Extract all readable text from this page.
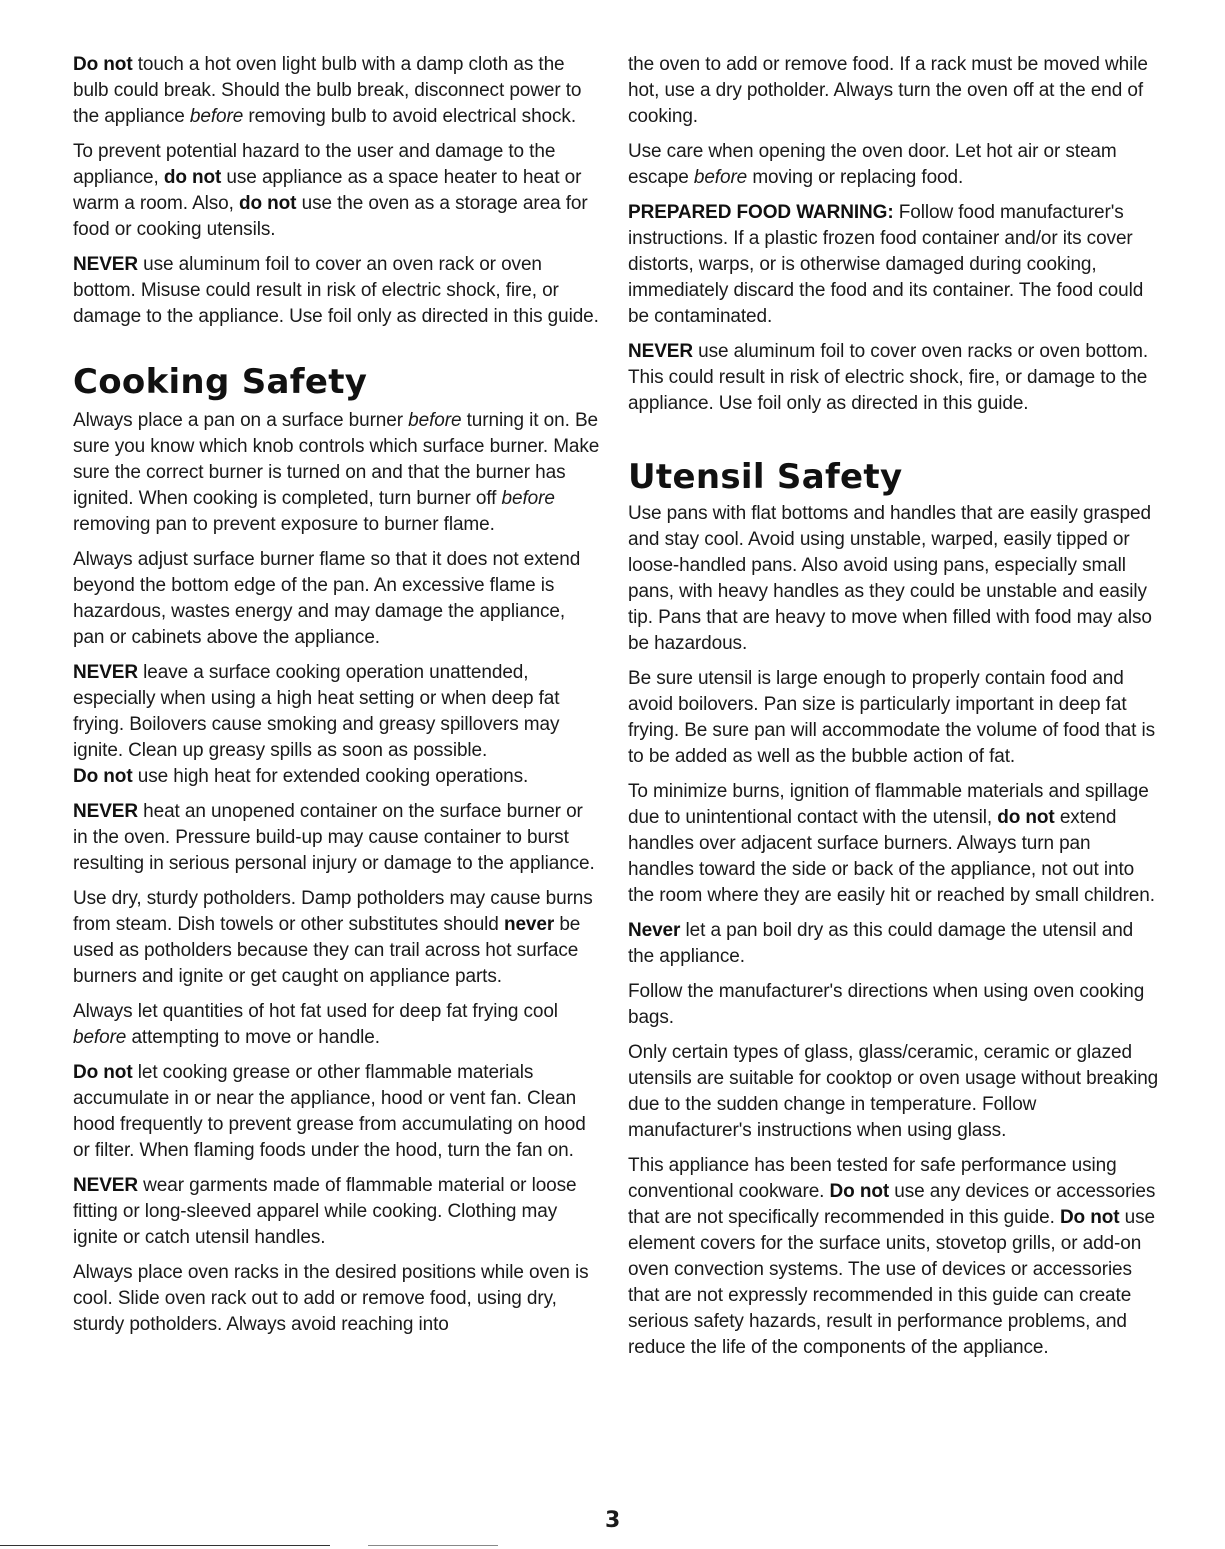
Do not touch a hot oven light bulb with a damp cloth as the bulb could break. Should the bulb break, disconnect power to the appliance before removing bulb to avoid electrical shock.

To prevent potential hazard to the user and damage to the appliance, do not use appliance as a space heater to heat or warm a room. Also, do not use the oven as a storage area for food or cooking utensils.

NEVER use aluminum foil to cover an oven rack or oven bottom. Misuse could result in risk of electric shock, fire, or damage to the appliance. Use foil only as directed in this guide.

Cooking Safety

Always place a pan on a surface burner before turning it on. Be sure you know which knob controls which surface burner. Make sure the correct burner is turned on and that the burner has ignited. When cooking is completed, turn burner off before removing pan to prevent exposure to burner flame.

Always adjust surface burner flame so that it does not extend beyond the bottom edge of the pan. An excessive flame is hazardous, wastes energy and may damage the appliance, pan or cabinets above the appliance.

NEVER leave a surface cooking operation unattended, especially when using a high heat setting or when deep fat frying. Boilovers cause smoking and greasy spillovers may ignite. Clean up greasy spills as soon as possible.

Do not use high heat for extended cooking operations.

NEVER heat an unopened container on the surface burner or in the oven. Pressure build-up may cause container to burst resulting in serious personal injury or damage to the appliance.

Use dry, sturdy potholders. Damp potholders may cause burns from steam. Dish towels or other substitutes should never be used as potholders because they can trail across hot surface burners and ignite or get caught on appliance parts.

Always let quantities of hot fat used for deep fat frying cool before attempting to move or handle.

Do not let cooking grease or other flammable materials accumulate in or near the appliance, hood or vent fan. Clean hood frequently to prevent grease from accumulating on hood or filter. When flaming foods under the hood, turn the fan on.

NEVER wear garments made of flammable material or loose fitting or long-sleeved apparel while cooking. Clothing may ignite or catch utensil handles.

Always place oven racks in the desired positions while oven is cool. Slide oven rack out to add or remove food, using dry, sturdy potholders. Always avoid reaching into

the oven to add or remove food. If a rack must be moved while hot, use a dry potholder. Always turn the oven off at the end of cooking.

Use care when opening the oven door. Let hot air or steam escape before moving or replacing food.

PREPARED FOOD WARNING: Follow food manufacturer's instructions. If a plastic frozen food container and/or its cover distorts, warps, or is otherwise damaged during cooking, immediately discard the food and its container. The food could be contaminated.

NEVER use aluminum foil to cover oven racks or oven bottom. This could result in risk of electric shock, fire, or damage to the appliance. Use foil only as directed in this guide.

Utensil Safety

Use pans with flat bottoms and handles that are easily grasped and stay cool. Avoid using unstable, warped, easily tipped or loose-handled pans. Also avoid using pans, especially small pans, with heavy handles as they could be unstable and easily tip. Pans that are heavy to move when filled with food may also be hazardous.

Be sure utensil is large enough to properly contain food and avoid boilovers. Pan size is particularly important in deep fat frying. Be sure pan will accommodate the volume of food that is to be added as well as the bubble action of fat.

To minimize burns, ignition of flammable materials and spillage due to unintentional contact with the utensil, do not extend handles over adjacent surface burners. Always turn pan handles toward the side or back of the appliance, not out into the room where they are easily hit or reached by small children.

Never let a pan boil dry as this could damage the utensil and the appliance.

Follow the manufacturer's directions when using oven cooking bags.

Only certain types of glass, glass/ceramic, ceramic or glazed utensils are suitable for cooktop or oven usage without breaking due to the sudden change in temperature. Follow manufacturer's instructions when using glass.

This appliance has been tested for safe performance using conventional cookware. Do not use any devices or accessories that are not specifically recommended in this guide. Do not use element covers for the surface units, stovetop grills, or add-on oven convection systems. The use of devices or accessories that are not expressly recommended in this guide can create serious safety hazards, result in performance problems, and reduce the life of the components of the appliance.

3
